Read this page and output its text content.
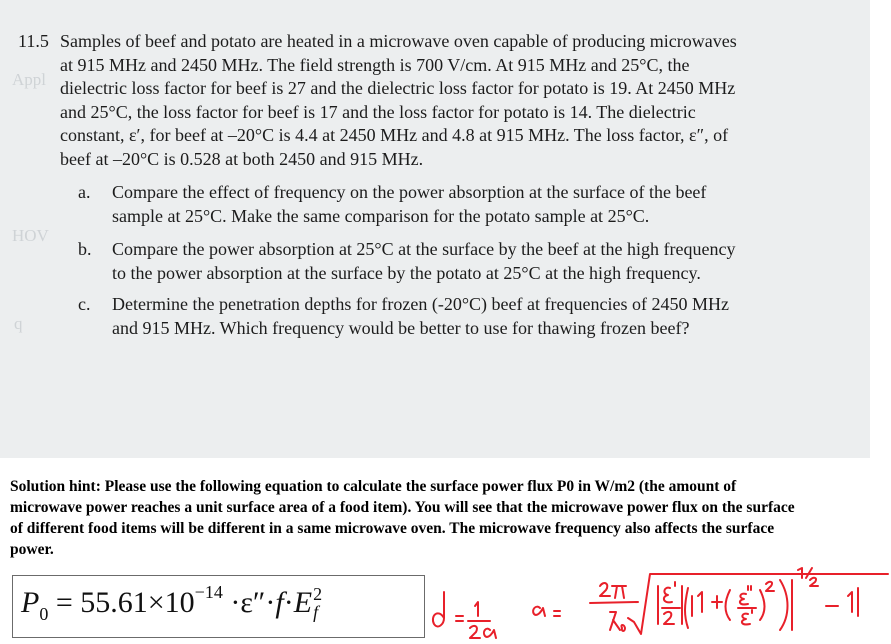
Appl
HOV
q
11.5 Samples of beef and potato are heated in a microwave oven capable of producing microwaves at 915 MHz and 2450 MHz. The field strength is 700 V/cm. At 915 MHz and 25°C, the dielectric loss factor for beef is 27 and the dielectric loss factor for potato is 19. At 2450 MHz and 25°C, the loss factor for beef is 17 and the loss factor for potato is 14. The dielectric constant, ε′, for beef at –20°C is 4.4 at 2450 MHz and 4.8 at 915 MHz. The loss factor, ε″, of beef at –20°C is 0.528 at both 2450 and 915 MHz.
a.	Compare the effect of frequency on the power absorption at the surface of the beef sample at 25°C. Make the same comparison for the potato sample at 25°C.
b.	Compare the power absorption at 25°C at the surface by the beef at the high frequency to the power absorption at the surface by the potato at 25°C at the high frequency.
c.	Determine the penetration depths for frozen (-20°C) beef at frequencies of 2450 MHz and 915 MHz. Which frequency would be better to use for thawing frozen beef?
Solution hint: Please use the following equation to calculate the surface power flux P0 in W/m2 (the amount of microwave power reaches a unit surface area of a food item). You will see that the microwave power flux on the surface of different food items will be different in a same microwave oven. The microwave frequency also affects the surface power.
$P_0 = 55.61\times 10^{-14} \cdot\varepsilon''\cdot f\cdot E$ 2
f
